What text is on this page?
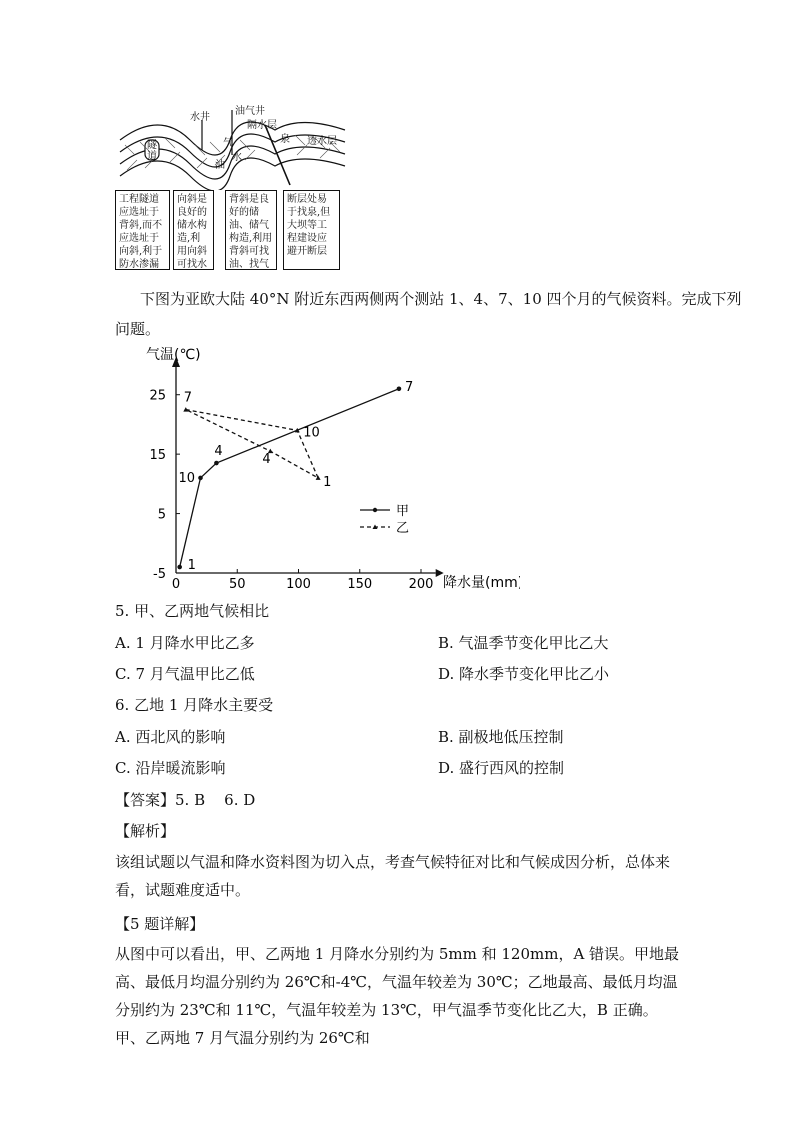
水井
油气井
隔水层
泉 透水层
隧道
气
水
油
工程隧道应选址于背斜,而不应选址于向斜,利于防水渗漏
向斜是良好的储水构造,利用向斜可找水
背斜是良好的储油、储气构造,利用背斜可找油、找气
断层处易于找泉,但大坝等工程建设应避开断层
下图为亚欧大陆 40°N 附近东西两侧两个测站 1、4、7、10 四个月的气候资料。完成下列
问题。
0	50	100	150	200
-5
5
15
25
气温(℃)
降水量(mm)
1
10
4
7
7
10
1
4
甲
乙
5. 甲、乙两地气候相比
A. 1 月降水甲比乙多	B. 气温季节变化甲比乙大
C. 7 月气温甲比乙低	D. 降水季节变化甲比乙小
6. 乙地 1 月降水主要受
A. 西北风的影响	B. 副极地低压控制
C. 沿岸暖流影响	D. 盛行西风的控制
【答案】5. B    6. D
【解析】
该组试题以气温和降水资料图为切入点，考查气候特征对比和气候成因分析，总体来看，试题难度适中。
【5 题详解】
从图中可以看出，甲、乙两地 1 月降水分别约为 5mm 和 120mm，A 错误。甲地最高、最低月均温分别约为 26℃和-4℃，气温年较差为 30℃；乙地最高、最低月均温分别约为 23℃和 11℃，气温年较差为 13℃，甲气温季节变化比乙大，B 正确。甲、乙两地 7 月气温分别约为 26℃和
